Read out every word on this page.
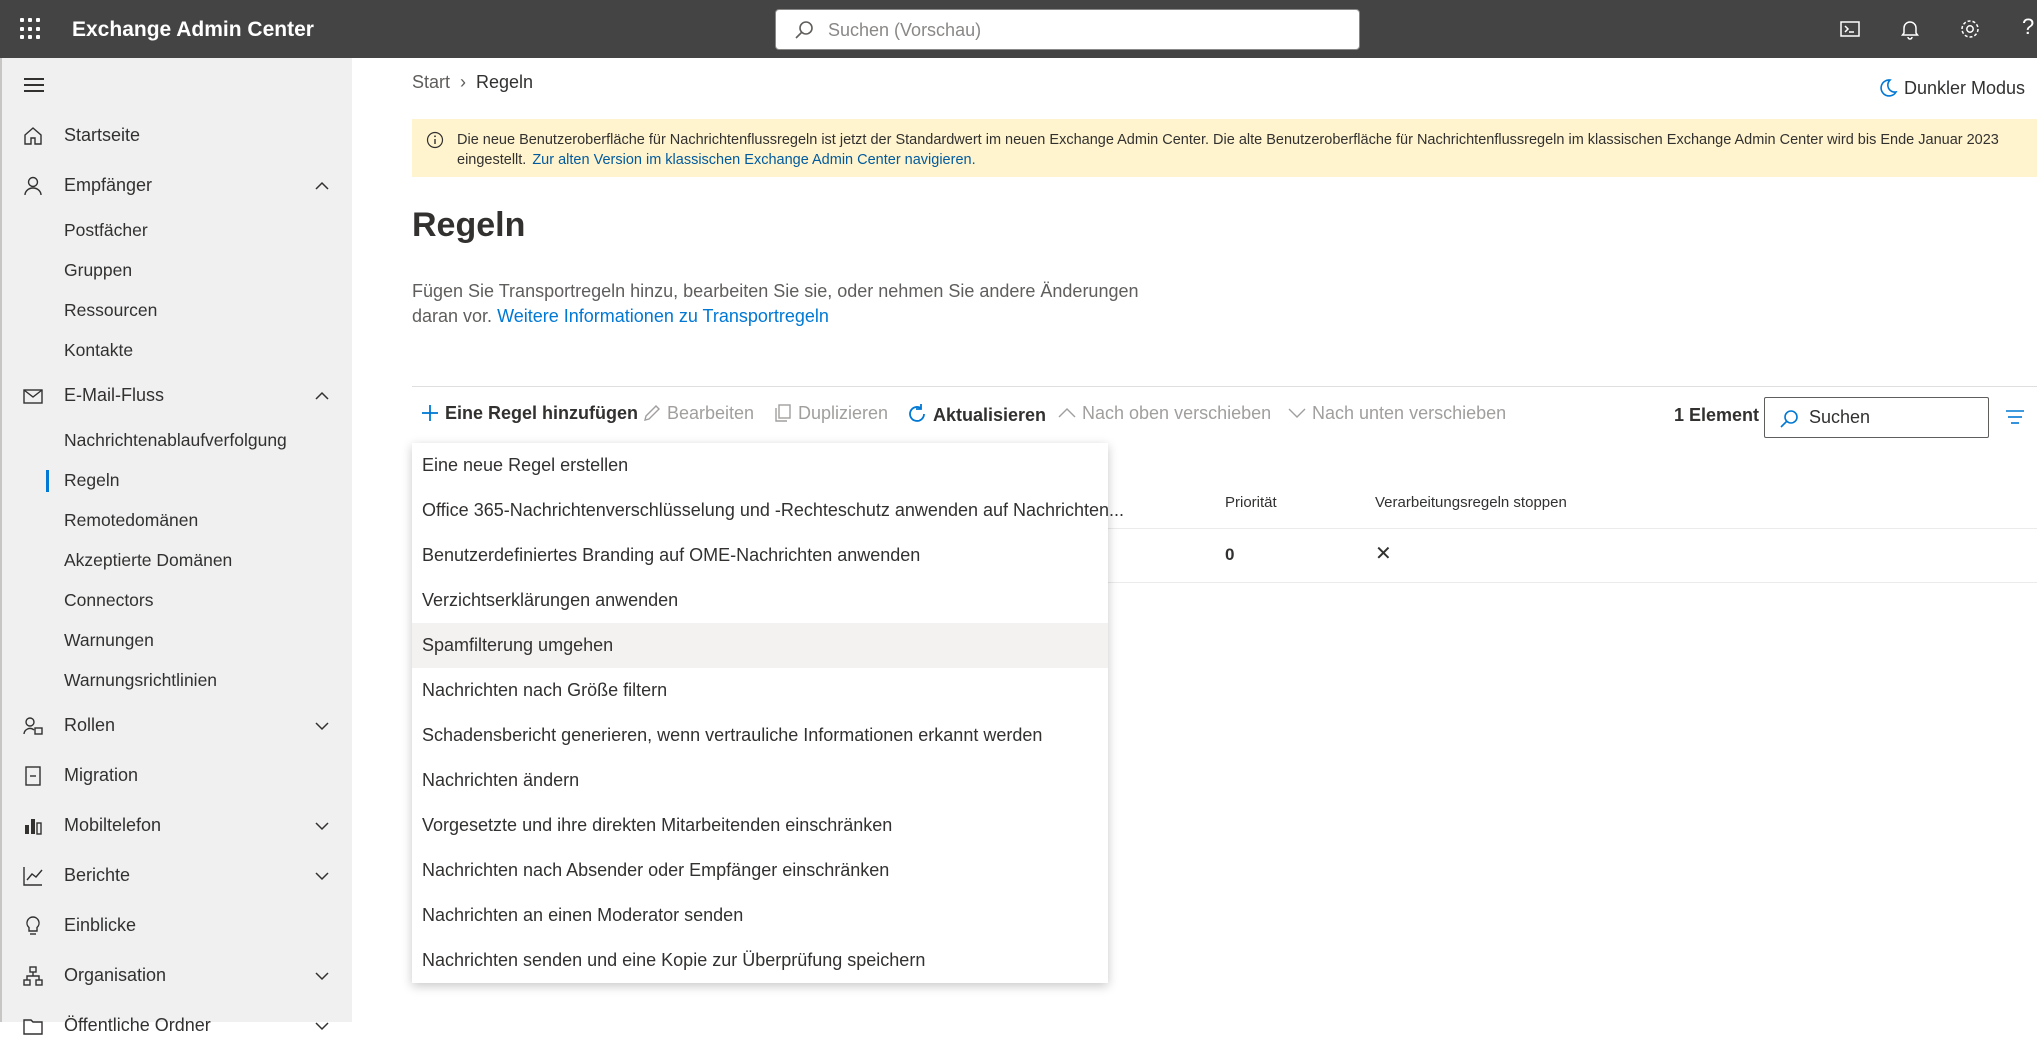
Exchange Admin Center
Suchen (Vorschau)	?
Startseite
Empfänger
Postfächer
Gruppen
Ressourcen
Kontakte
E-Mail-Fluss
Nachrichtenablaufverfolgung
Regeln
Remotedomänen
Akzeptierte Domänen
Connectors
Warnungen
Warnungsrichtlinien
Rollen
Migration
Mobiltelefon
Berichte
Einblicke
Organisation
Öffentliche Ordner
Start › Regeln	Dunkler Modus
Die neue Benutzeroberfläche für Nachrichtenflussregeln ist jetzt der Standardwert im neuen Exchange Admin Center. Die alte Benutzeroberfläche für Nachrichtenflussregeln im klassischen Exchange Admin Center wird bis Ende Januar 2023 eingestellt. Zur alten Version im klassischen Exchange Admin Center navigieren.
Regeln
Fügen Sie Transportregeln hinzu, bearbeiten Sie sie, oder nehmen Sie andere Änderungen daran vor. Weitere Informationen zu Transportregeln
Eine Regel hinzufügen	Bearbeiten	Duplizieren	Aktualisieren	Nach oben verschieben	Nach unten verschieben	1 Element
Suchen
Priorität	Verarbeitungsregeln stoppen
0	✕
Eine neue Regel erstellen
Office 365-Nachrichtenverschlüsselung und -Rechteschutz anwenden auf Nachrichten...
Benutzerdefiniertes Branding auf OME-Nachrichten anwenden
Verzichtserklärungen anwenden
Spamfilterung umgehen
Nachrichten nach Größe filtern
Schadensbericht generieren, wenn vertrauliche Informationen erkannt werden
Nachrichten ändern
Vorgesetzte und ihre direkten Mitarbeitenden einschränken
Nachrichten nach Absender oder Empfänger einschränken
Nachrichten an einen Moderator senden
Nachrichten senden und eine Kopie zur Überprüfung speichern
